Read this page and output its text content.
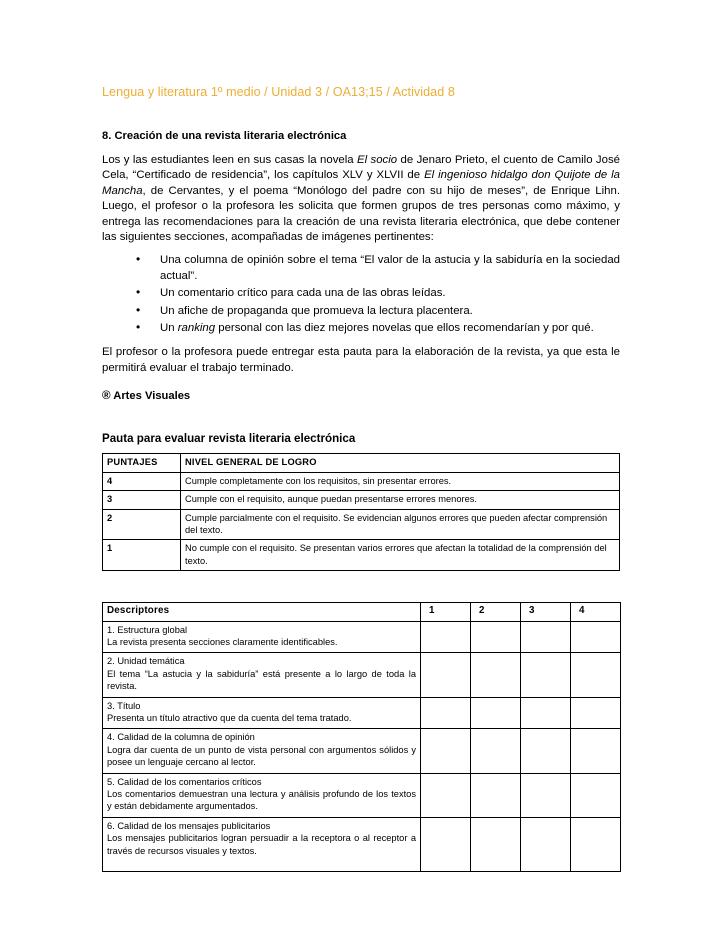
Lengua y literatura 1º medio / Unidad 3 / OA13;15 / Actividad 8
8. Creación de una revista literaria electrónica

Los y las estudiantes leen en sus casas la novela El socio de Jenaro Prieto, el cuento de Camilo José Cela, “Certificado de residencia”, los capítulos XLV y XLVII de El ingenioso hidalgo don Quijote de la Mancha, de Cervantes, y el poema “Monólogo del padre con su hijo de meses”, de Enrique Lihn. Luego, el profesor o la profesora les solicita que formen grupos de tres personas como máximo, y entrega las recomendaciones para la creación de una revista literaria electrónica, que debe contener las siguientes secciones, acompañadas de imágenes pertinentes:

• Una columna de opinión sobre el tema “El valor de la astucia y la sabiduría en la sociedad actual”.
• Un comentario crítico para cada una de las obras leídas.
• Un afiche de propaganda que promueva la lectura placentera.
• Un ranking personal con las diez mejores novelas que ellos recomendarían y por qué.

El profesor o la profesora puede entregar esta pauta para la elaboración de la revista, ya que esta le permitirá evaluar el trabajo terminado.

® Artes Visuales

Pauta para evaluar revista literaria electrónica
PUNTAJES	NIVEL GENERAL DE LOGRO
4	Cumple completamente con los requisitos, sin presentar errores.
3	Cumple con el requisito, aunque puedan presentarse errores menores.
2	Cumple parcialmente con el requisito. Se evidencian algunos errores que pueden afectar comprensión del texto.
1	No cumple con el requisito. Se presentan varios errores que afectan la totalidad de la comprensión del texto.
Descriptores	1	2	3	4

1. Estructura global
La revista presenta secciones claramente identificables.				

2. Unidad temática
El tema “La astucia y la sabiduría” está presente a lo largo de toda la revista.				

3. Título
Presenta un título atractivo que da cuenta del tema tratado.				

4. Calidad de la columna de opinión
Logra dar cuenta de un punto de vista personal con argumentos sólidos y posee un lenguaje cercano al lector.				

5. Calidad de los comentarios críticos
Los comentarios demuestran una lectura y análisis profundo de los textos y están debidamente argumentados.				

6. Calidad de los mensajes publicitarios
Los mensajes publicitarios logran persuadir a la receptora o al receptor a través de recursos visuales y textos.				
